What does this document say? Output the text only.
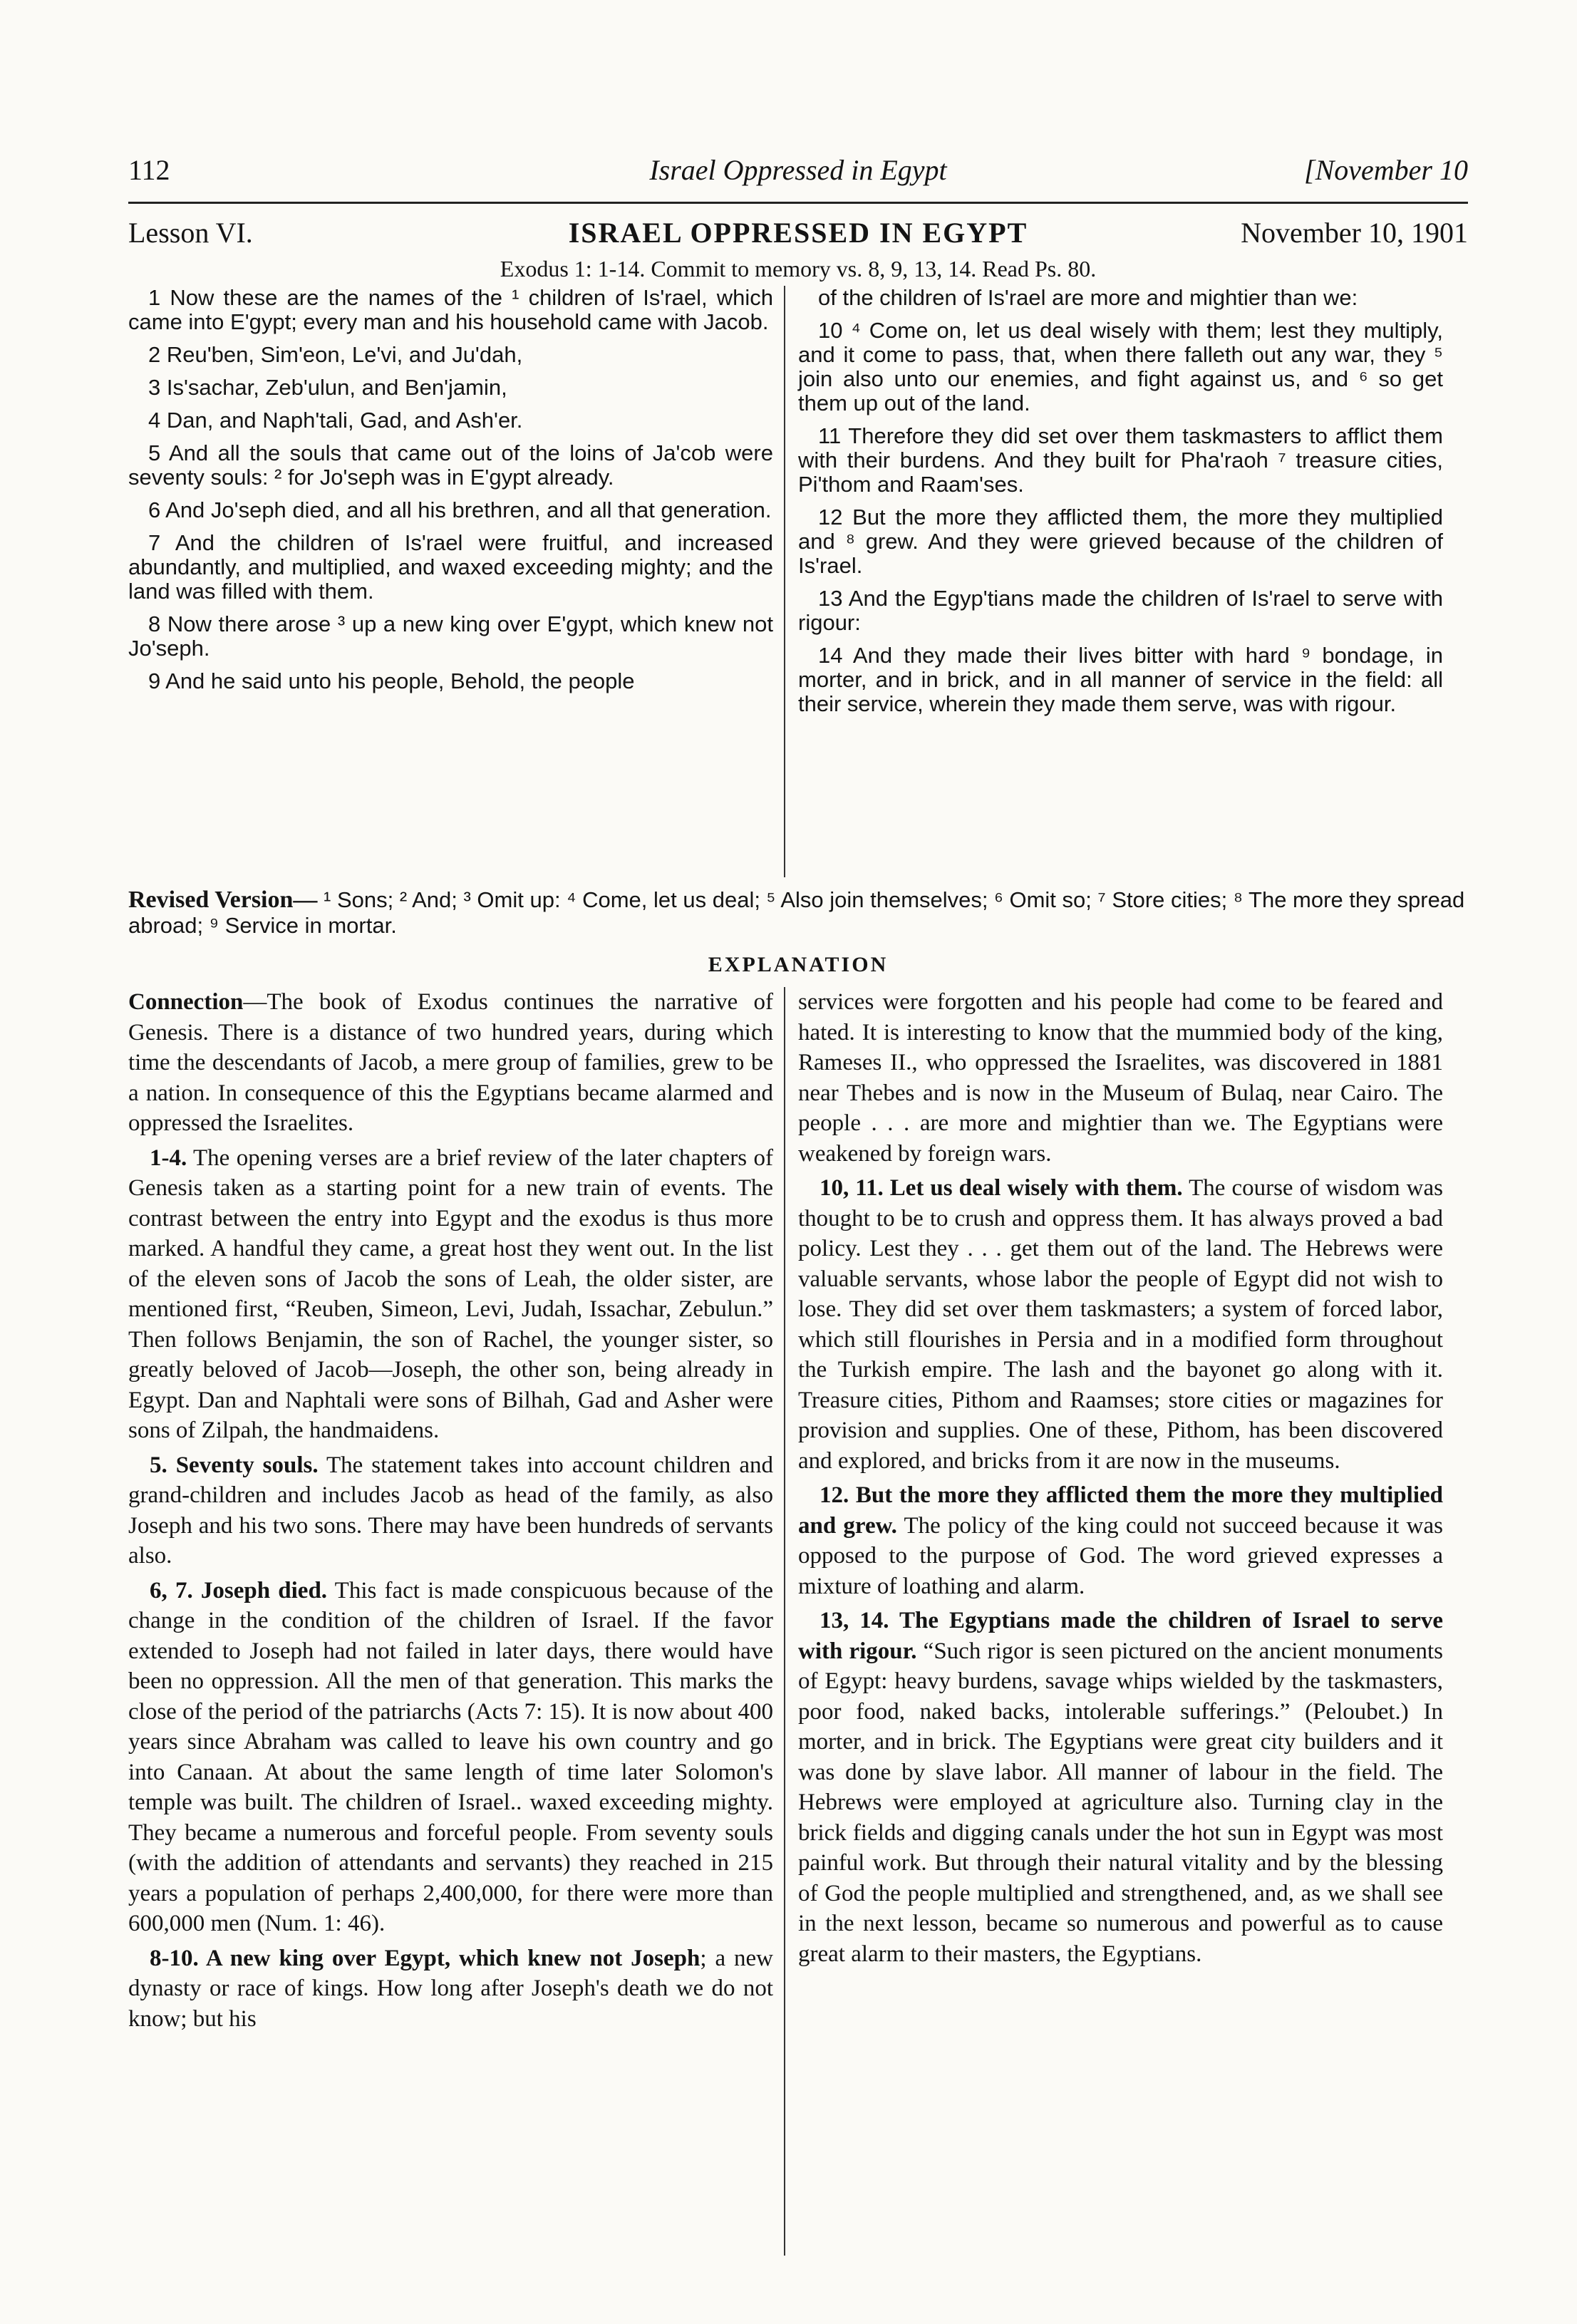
112	Israel Oppressed in Egypt	[November 10
Lesson VI.	ISRAEL OPPRESSED IN EGYPT	November 10, 1901
Exodus 1: 1-14. Commit to memory vs. 8, 9, 13, 14. Read Ps. 80.

1 Now these are the names of the ¹ children of Is'rael, which came into E'gypt; every man and his household came with Jacob.

2 Reu'ben, Sim'eon, Le'vi, and Ju'dah,

3 Is'sachar, Zeb'ulun, and Ben'jamin,

4 Dan, and Naph'tali, Gad, and Ash'er.

5 And all the souls that came out of the loins of Ja'cob were seventy souls: ² for Jo'seph was in E'gypt already.

6 And Jo'seph died, and all his brethren, and all that generation.

7 And the children of Is'rael were fruitful, and increased abundantly, and multiplied, and waxed exceeding mighty; and the land was filled with them.

8 Now there arose ³ up a new king over E'gypt, which knew not Jo'seph.

9 And he said unto his people, Behold, the people

of the children of Is'rael are more and mightier than we:

10 ⁴ Come on, let us deal wisely with them; lest they multiply, and it come to pass, that, when there falleth out any war, they ⁵ join also unto our enemies, and fight against us, and ⁶ so get them up out of the land.

11 Therefore they did set over them taskmasters to afflict them with their burdens. And they built for Pha'raoh ⁷ treasure cities, Pi'thom and Raam'ses.

12 But the more they afflicted them, the more they multiplied and ⁸ grew. And they were grieved because of the children of Is'rael.

13 And the Egyp'tians made the children of Is'rael to serve with rigour:

14 And they made their lives bitter with hard ⁹ bondage, in morter, and in brick, and in all manner of service in the field: all their service, wherein they made them serve, was with rigour.

Revised Version— ¹ Sons; ² And; ³ Omit up: ⁴ Come, let us deal; ⁵ Also join themselves; ⁶ Omit so; ⁷ Store cities; ⁸ The more they spread abroad; ⁹ Service in mortar.
EXPLANATION

Connection—The book of Exodus continues the narrative of Genesis. There is a distance of two hundred years, during which time the descendants of Jacob, a mere group of families, grew to be a nation. In consequence of this the Egyptians became alarmed and oppressed the Israelites.

1-4. The opening verses are a brief review of the later chapters of Genesis taken as a starting point for a new train of events. The contrast between the entry into Egypt and the exodus is thus more marked. A handful they came, a great host they went out. In the list of the eleven sons of Jacob the sons of Leah, the older sister, are mentioned first, “Reuben, Simeon, Levi, Judah, Issachar, Zebulun.” Then follows Benjamin, the son of Rachel, the younger sister, so greatly beloved of Jacob—Joseph, the other son, being already in Egypt. Dan and Naphtali were sons of Bilhah, Gad and Asher were sons of Zilpah, the handmaidens.

5. Seventy souls. The statement takes into account children and grand-children and includes Jacob as head of the family, as also Joseph and his two sons. There may have been hundreds of servants also.

6, 7. Joseph died. This fact is made conspicuous because of the change in the condition of the children of Israel. If the favor extended to Joseph had not failed in later days, there would have been no oppression. All the men of that generation. This marks the close of the period of the patriarchs (Acts 7: 15). It is now about 400 years since Abraham was called to leave his own country and go into Canaan. At about the same length of time later Solomon's temple was built. The children of Israel.. waxed exceeding mighty. They became a numerous and forceful people. From seventy souls (with the addition of attendants and servants) they reached in 215 years a population of perhaps 2,400,000, for there were more than 600,000 men (Num. 1: 46).

8-10. A new king over Egypt, which knew not Joseph; a new dynasty or race of kings. How long after Joseph's death we do not know; but his

services were forgotten and his people had come to be feared and hated. It is interesting to know that the mummied body of the king, Rameses II., who oppressed the Israelites, was discovered in 1881 near Thebes and is now in the Museum of Bulaq, near Cairo. The people . . . are more and mightier than we. The Egyptians were weakened by foreign wars.

10, 11. Let us deal wisely with them. The course of wisdom was thought to be to crush and oppress them. It has always proved a bad policy. Lest they . . . get them out of the land. The Hebrews were valuable servants, whose labor the people of Egypt did not wish to lose. They did set over them taskmasters; a system of forced labor, which still flourishes in Persia and in a modified form throughout the Turkish empire. The lash and the bayonet go along with it. Treasure cities, Pithom and Raamses; store cities or magazines for provision and supplies. One of these, Pithom, has been discovered and explored, and bricks from it are now in the museums.

12. But the more they afflicted them the more they multiplied and grew. The policy of the king could not succeed because it was opposed to the purpose of God. The word grieved expresses a mixture of loathing and alarm.

13, 14. The Egyptians made the children of Israel to serve with rigour. “Such rigor is seen pictured on the ancient monuments of Egypt: heavy burdens, savage whips wielded by the taskmasters, poor food, naked backs, intolerable sufferings.” (Peloubet.) In morter, and in brick. The Egyptians were great city builders and it was done by slave labor. All manner of labour in the field. The Hebrews were employed at agriculture also. Turning clay in the brick fields and digging canals under the hot sun in Egypt was most painful work. But through their natural vitality and by the blessing of God the people multiplied and strengthened, and, as we shall see in the next lesson, became so numerous and powerful as to cause great alarm to their masters, the Egyptians.
